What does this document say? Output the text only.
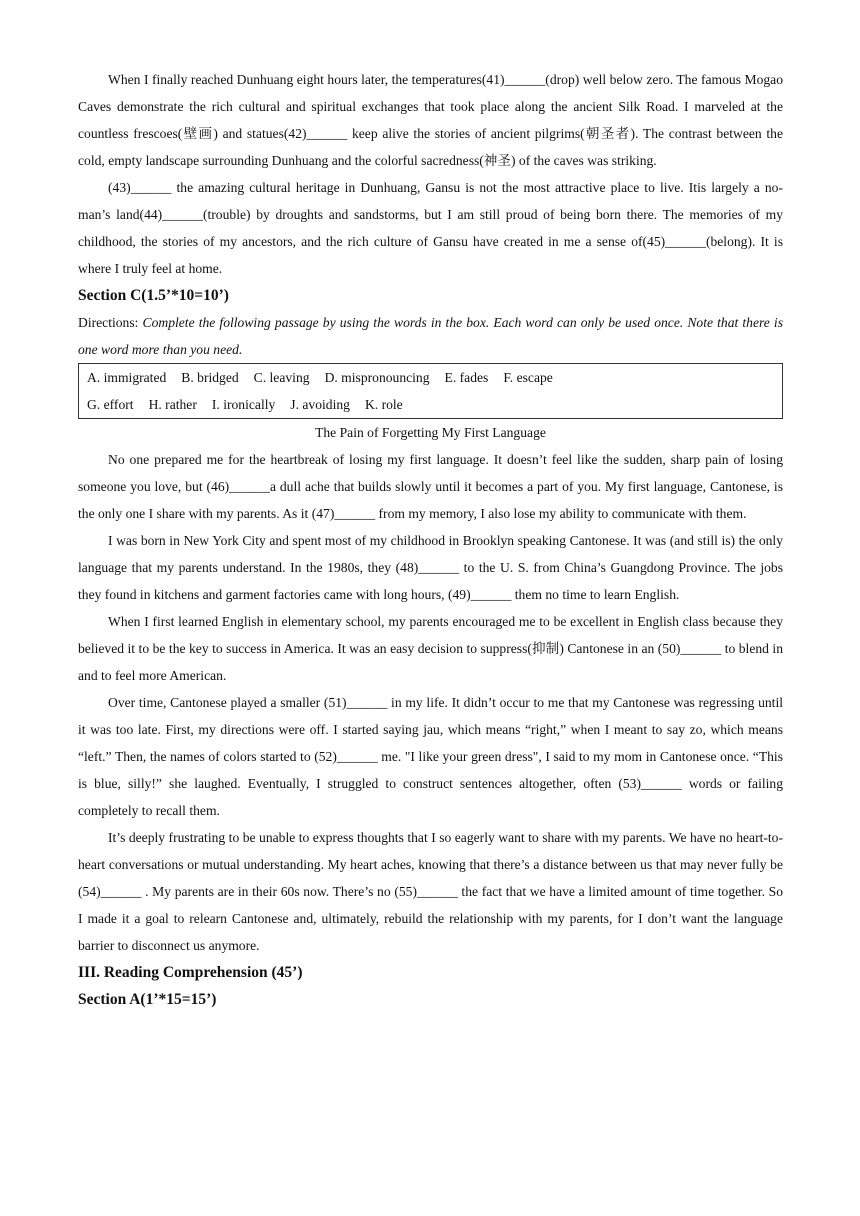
When I finally reached Dunhuang eight hours later, the temperatures(41)______(drop) well below zero. The famous Mogao Caves demonstrate the rich cultural and spiritual exchanges that took place along the ancient Silk Road. I marveled at the countless frescoes(壁画) and statues(42)______ keep alive the stories of ancient pilgrims(朝圣者). The contrast between the cold, empty landscape surrounding Dunhuang and the colorful sacredness(神圣) of the caves was striking.

(43)______ the amazing cultural heritage in Dunhuang, Gansu is not the most attractive place to live. Itis largely a no-man’s land(44)______(trouble) by droughts and sandstorms, but I am still proud of being born there. The memories of my childhood, the stories of my ancestors, and the rich culture of Gansu have created in me a sense of(45)______(belong). It is where I truly feel at home.

Section C(1.5’*10=10’)

Directions: Complete the following passage by using the words in the box. Each word can only be used once. Note that there is one word more than you need.

A. immigrated B. bridged C. leaving D. mispronouncing E. fades F. escape
G. effort H. rather I. ironically J. avoiding K. role
The Pain of Forgetting My First Language

No one prepared me for the heartbreak of losing my first language. It doesn’t feel like the sudden, sharp pain of losing someone you love, but (46)______a dull ache that builds slowly until it becomes a part of you. My first language, Cantonese, is the only one I share with my parents. As it (47)______ from my memory, I also lose my ability to communicate with them.

I was born in New York City and spent most of my childhood in Brooklyn speaking Cantonese. It was (and still is) the only language that my parents understand. In the 1980s, they (48)______ to the U. S. from China’s Guangdong Province. The jobs they found in kitchens and garment factories came with long hours, (49)______ them no time to learn English.

When I first learned English in elementary school, my parents encouraged me to be excellent in English class because they believed it to be the key to success in America. It was an easy decision to suppress(抑制) Cantonese in an (50)______ to blend in and to feel more American.

Over time, Cantonese played a smaller (51)______ in my life. It didn’t occur to me that my Cantonese was regressing until it was too late. First, my directions were off. I started saying jau, which means “right,” when I meant to say zo, which means “left.” Then, the names of colors started to (52)______ me. "I like your green dress", I said to my mom in Cantonese once. “This is blue, silly!” she laughed. Eventually, I struggled to construct sentences altogether, often (53)______ words or failing completely to recall them.

It’s deeply frustrating to be unable to express thoughts that I so eagerly want to share with my parents. We have no heart-to-heart conversations or mutual understanding. My heart aches, knowing that there’s a distance between us that may never fully be (54)______ . My parents are in their 60s now. There’s no (55)______ the fact that we have a limited amount of time together. So I made it a goal to relearn Cantonese and, ultimately, rebuild the relationship with my parents, for I don’t want the language barrier to disconnect us anymore.

III. Reading Comprehension (45’)
Section A(1’*15=15’)
